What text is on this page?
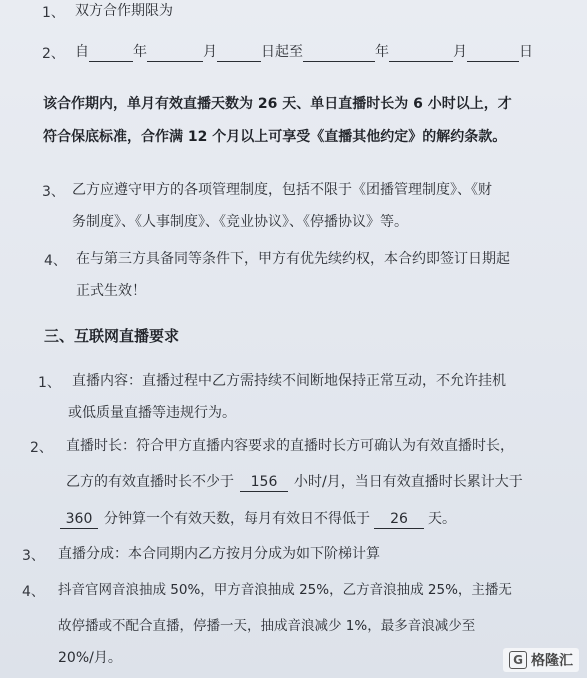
1、 双方合作期限为
2、 自	年	月	日起至	年	月	日
该合作期内，单月有效直播天数为 26 天、单日直播时长为 6 小时以上，才
符合保底标准，合作满 12 个月以上可享受《直播其他约定》的解约条款。
3、 乙方应遵守甲方的各项管理制度，包括不限于《团播管理制度》、《财
务制度》、《人事制度》、《竞业协议》、《停播协议》等。
4、 在与第三方具备同等条件下，甲方有优先续约权，本合约即签订日期起
正式生效！
三、互联网直播要求
1、 直播内容：直播过程中乙方需持续不间断地保持正常互动，不允许挂机
或低质量直播等违规行为。
2、 直播时长：符合甲方直播内容要求的直播时长方可确认为有效直播时长，
乙方的有效直播时长不少于 156 小时/月，当日有效直播时长累计大于
360 分钟算一个有效天数，每月有效日不得低于 26 天。
3、 直播分成：本合同期内乙方按月分成为如下阶梯计算
4、 抖音官网音浪抽成 50%，甲方音浪抽成 25%，乙方音浪抽成 25%，主播无
故停播或不配合直播，停播一天，抽成音浪减少 1%，最多音浪减少至
20%/月。	G 格隆汇
